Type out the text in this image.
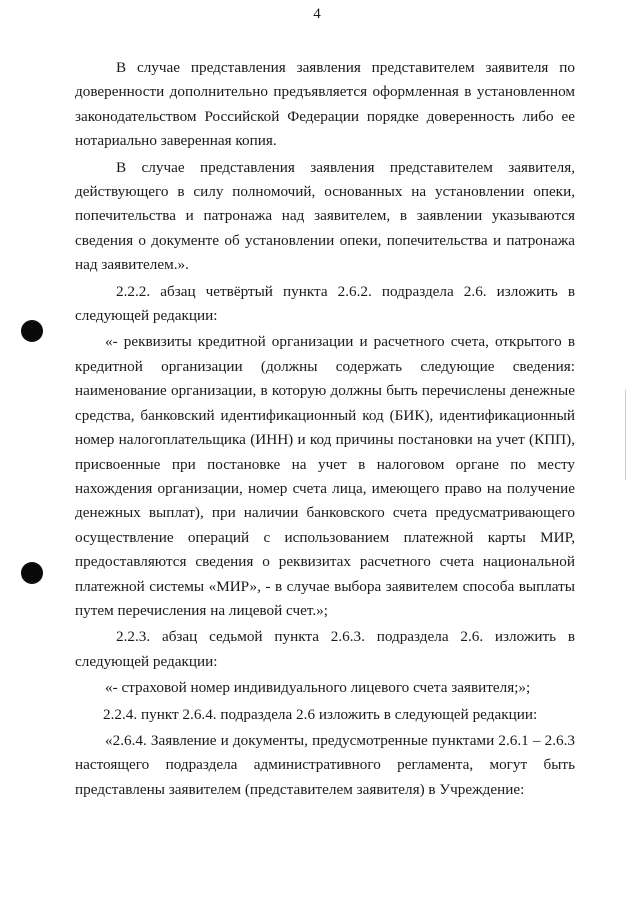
4

В случае представления заявления представителем заявителя по доверенности дополнительно предъявляется оформленная в установленном законодательством Российской Федерации порядке доверенность либо ее нотариально заверенная копия.

В случае представления заявления представителем заявителя, действующего в силу полномочий, основанных на установлении опеки, попечительства и патронажа над заявителем, в заявлении указываются сведения о документе об установлении опеки, попечительства и патронажа над заявителем.».

2.2.2. абзац четвёртый пункта 2.6.2. подраздела 2.6. изложить в следующей редакции:

«- реквизиты кредитной организации и расчетного счета, открытого в кредитной организации (должны содержать следующие сведения: наименование организации, в которую должны быть перечислены денежные средства, банковский идентификационный код (БИК), идентификационный номер налогоплательщика (ИНН) и код причины постановки на учет (КПП), присвоенные при постановке на учет в налоговом органе по месту нахождения организации, номер счета лица, имеющего право на получение денежных выплат), при наличии банковского счета предусматривающего осуществление операций с использованием платежной карты МИР, предоставляются сведения о реквизитах расчетного счета национальной платежной системы «МИР», - в случае выбора заявителем способа выплаты путем перечисления на лицевой счет.»;

2.2.3. абзац седьмой пункта 2.6.3. подраздела 2.6. изложить в следующей редакции:

«- страховой номер индивидуального лицевого счета заявителя;»;

2.2.4. пункт 2.6.4. подраздела 2.6 изложить в следующей редакции:

«2.6.4. Заявление и документы, предусмотренные пунктами 2.6.1 – 2.6.3 настоящего подраздела административного регламента, могут быть представлены заявителем (представителем заявителя) в Учреждение:
